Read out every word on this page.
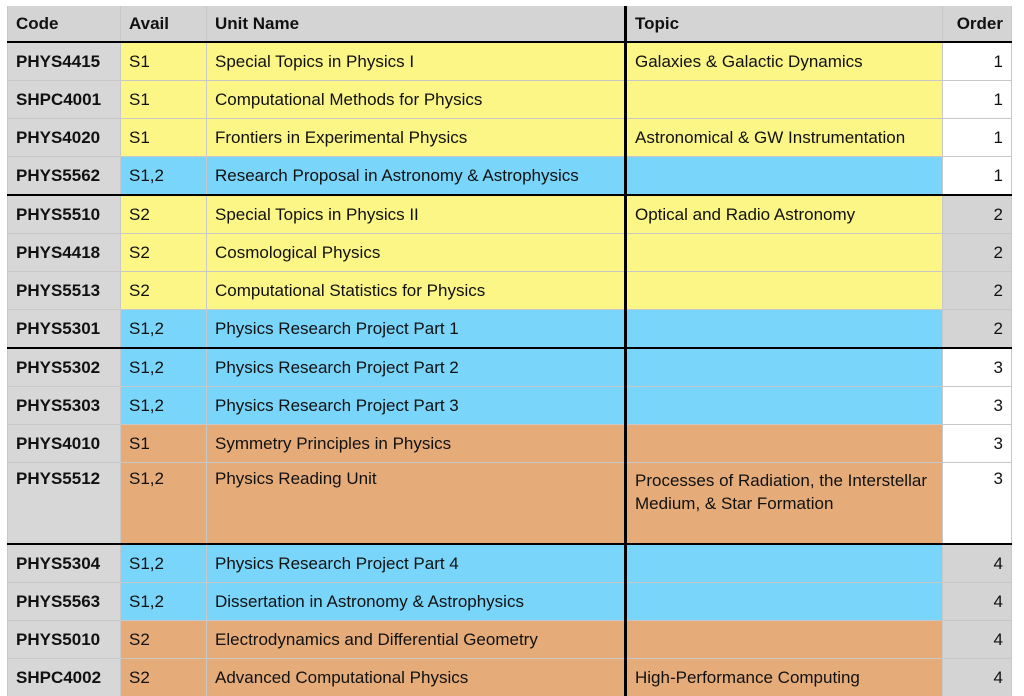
Code	Avail	Unit Name	Topic	Order
PHYS4415	S1	Special Topics in Physics I	Galaxies & Galactic Dynamics	1
SHPC4001	S1	Computational Methods for Physics		1
PHYS4020	S1	Frontiers in Experimental Physics	Astronomical & GW Instrumentation	1
PHYS5562	S1,2	Research Proposal in Astronomy & Astrophysics		1
PHYS5510	S2	Special Topics in Physics II	Optical and Radio Astronomy	2
PHYS4418	S2	Cosmological Physics		2
PHYS5513	S2	Computational Statistics for Physics		2
PHYS5301	S1,2	Physics Research Project Part 1		2
PHYS5302	S1,2	Physics Research Project Part 2		3
PHYS5303	S1,2	Physics Research Project Part 3		3
PHYS4010	S1	Symmetry Principles in Physics		3
PHYS5512	S1,2	Physics Reading Unit	Processes of Radiation, the Interstellar Medium, & Star Formation	3
PHYS5304	S1,2	Physics Research Project Part 4		4
PHYS5563	S1,2	Dissertation in Astronomy & Astrophysics		4
PHYS5010	S2	Electrodynamics and Differential Geometry		4
SHPC4002	S2	Advanced Computational Physics	High-Performance Computing	4
